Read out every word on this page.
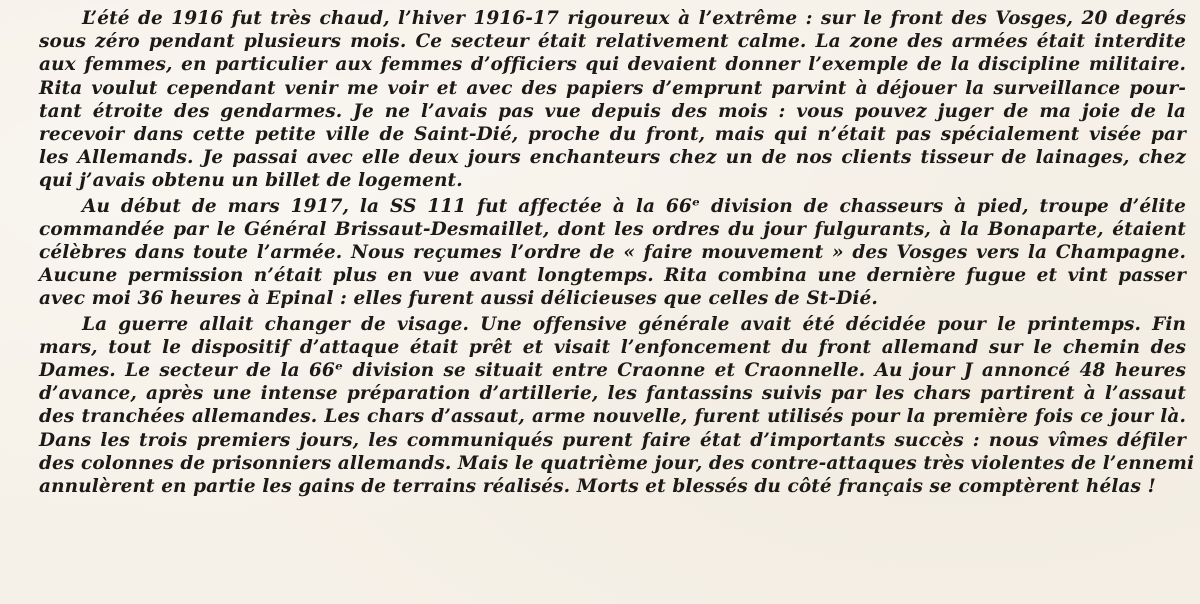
L’été de 1916 fut très chaud, l’hiver 1916-17 rigoureux à l’extrême : sur le front des Vosges, 20 degrés
sous zéro pendant plusieurs mois. Ce secteur était relativement calme. La zone des armées était interdite
aux femmes, en particulier aux femmes d’officiers qui devaient donner l’exemple de la discipline militaire.
Rita voulut cependant venir me voir et avec des papiers d’emprunt parvint à déjouer la surveillance pour-
tant étroite des gendarmes. Je ne l’avais pas vue depuis des mois : vous pouvez juger de ma joie de la
recevoir dans cette petite ville de Saint-Dié, proche du front, mais qui n’était pas spécialement visée par
les Allemands. Je passai avec elle deux jours enchanteurs chez un de nos clients tisseur de lainages, chez
qui j’avais obtenu un billet de logement.

Au début de mars 1917, la SS 111 fut affectée à la 66ᵉ division de chasseurs à pied, troupe d’élite
commandée par le Général Brissaut-Desmaillet, dont les ordres du jour fulgurants, à la Bonaparte, étaient
célèbres dans toute l’armée. Nous reçumes l’ordre de « faire mouvement » des Vosges vers la Champagne.
Aucune permission n’était plus en vue avant longtemps. Rita combina une dernière fugue et vint passer
avec moi 36 heures à Epinal : elles furent aussi délicieuses que celles de St-Dié.

La guerre allait changer de visage. Une offensive générale avait été décidée pour le printemps. Fin
mars, tout le dispositif d’attaque était prêt et visait l’enfoncement du front allemand sur le chemin des
Dames. Le secteur de la 66ᵉ division se situait entre Craonne et Craonnelle. Au jour J annoncé 48 heures
d’avance, après une intense préparation d’artillerie, les fantassins suivis par les chars partirent à l’assaut
des tranchées allemandes. Les chars d’assaut, arme nouvelle, furent utilisés pour la première fois ce jour là.
Dans les trois premiers jours, les communiqués purent faire état d’importants succès : nous vîmes défiler
des colonnes de prisonniers allemands. Mais le quatrième jour, des contre-attaques très violentes de l’ennemi
annulèrent en partie les gains de terrains réalisés. Morts et blessés du côté français se comptèrent hélas !
